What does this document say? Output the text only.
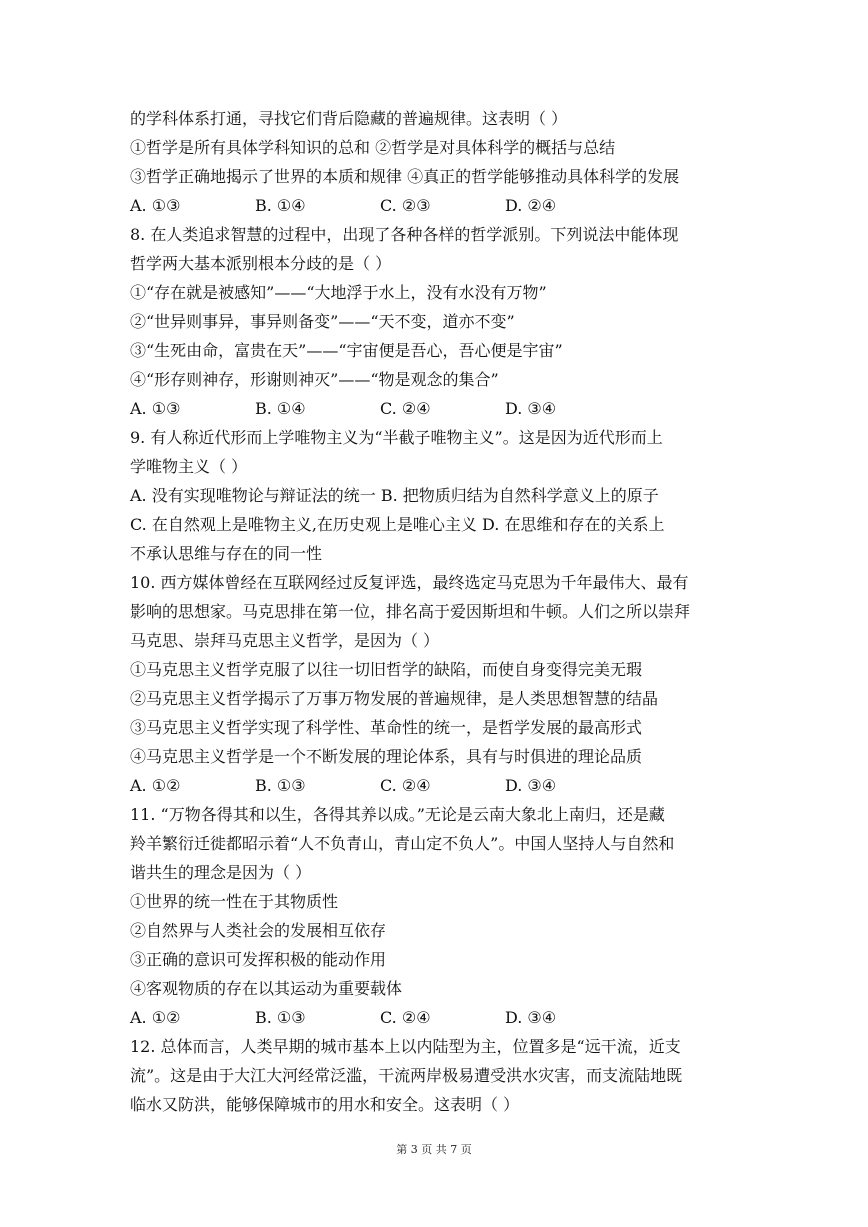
的学科体系打通，寻找它们背后隐藏的普遍规律。这表明（ ）
①哲学是所有具体学科知识的总和 ②哲学是对具体科学的概括与总结
③哲学正确地揭示了世界的本质和规律 ④真正的哲学能够推动具体科学的发展
A. ①③	B. ①④	C. ②③	D. ②④
8. 在人类追求智慧的过程中，出现了各种各样的哲学派别。下列说法中能体现
哲学两大基本派别根本分歧的是（ ）
①“存在就是被感知”——“大地浮于水上，没有水没有万物”
②“世异则事异，事异则备变”——“天不变，道亦不变”
③“生死由命，富贵在天”——“宇宙便是吾心，吾心便是宇宙”
④“形存则神存，形谢则神灭”——“物是观念的集合”
A. ①③	B. ①④	C. ②④	D. ③④
9. 有人称近代形而上学唯物主义为“半截子唯物主义”。这是因为近代形而上
学唯物主义（ ）
A. 没有实现唯物论与辩证法的统一 B. 把物质归结为自然科学意义上的原子
C. 在自然观上是唯物主义,在历史观上是唯心主义 D. 在思维和存在的关系上
不承认思维与存在的同一性
10. 西方媒体曾经在互联网经过反复评选，最终选定马克思为千年最伟大、最有
影响的思想家。马克思排在第一位，排名高于爱因斯坦和牛顿。人们之所以崇拜
马克思、崇拜马克思主义哲学，是因为（ ）
①马克思主义哲学克服了以往一切旧哲学的缺陷，而使自身变得完美无瑕
②马克思主义哲学揭示了万事万物发展的普遍规律，是人类思想智慧的结晶
③马克思主义哲学实现了科学性、革命性的统一，是哲学发展的最高形式
④马克思主义哲学是一个不断发展的理论体系，具有与时俱进的理论品质
A. ①②	B. ①③	C. ②④	D. ③④
11. “万物各得其和以生，各得其养以成。”无论是云南大象北上南归，还是藏
羚羊繁衍迁徙都昭示着“人不负青山，青山定不负人”。中国人坚持人与自然和
谐共生的理念是因为（ ）
①世界的统一性在于其物质性
②自然界与人类社会的发展相互依存
③正确的意识可发挥积极的能动作用
④客观物质的存在以其运动为重要载体
A. ①②	B. ①③	C. ②④	D. ③④
12. 总体而言，人类早期的城市基本上以内陆型为主，位置多是“远干流，近支
流”。这是由于大江大河经常泛滥，干流两岸极易遭受洪水灾害，而支流陆地既
临水又防洪，能够保障城市的用水和安全。这表明（ ）
第 3 页 共 7 页
